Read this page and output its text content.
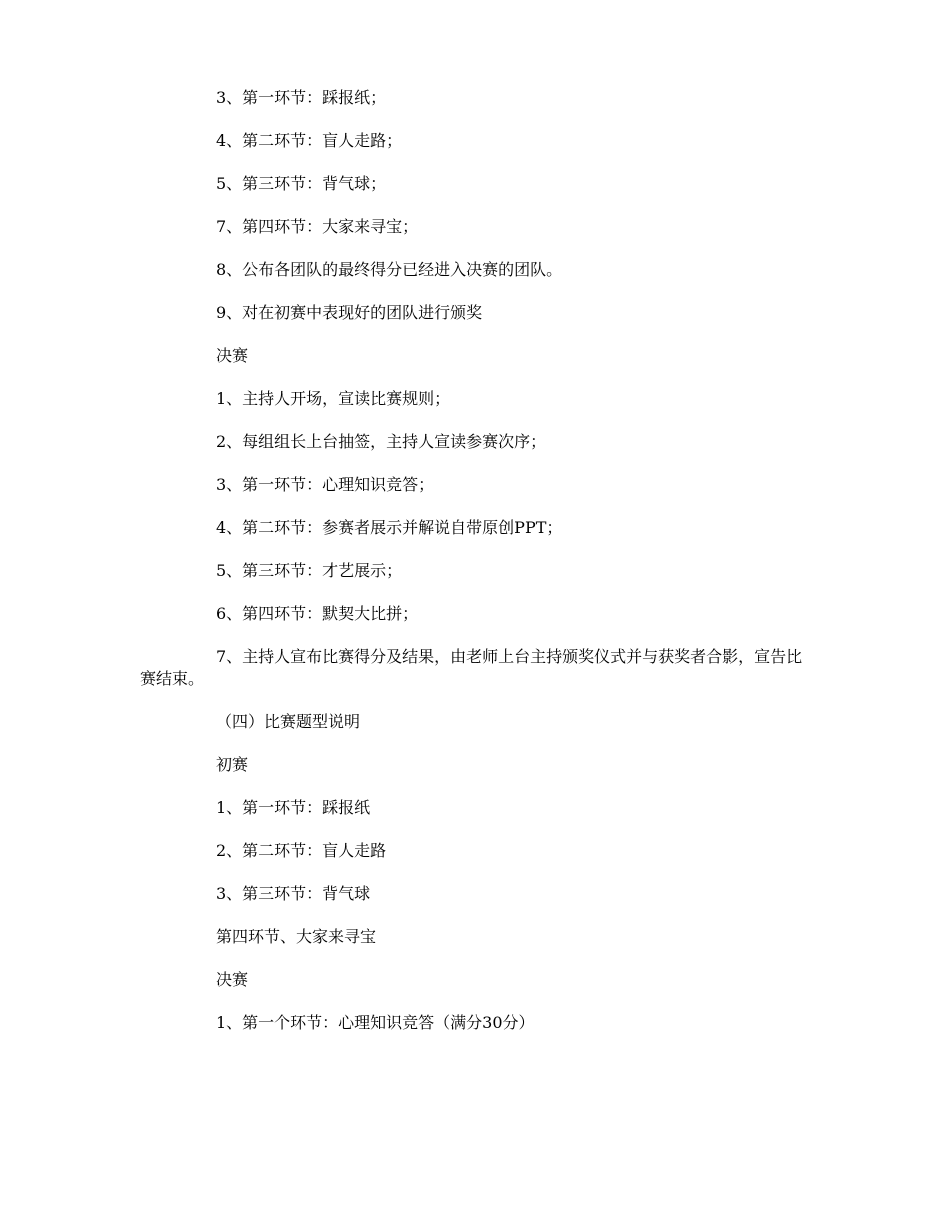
3、第一环节：踩报纸；

4、第二环节：盲人走路；

5、第三环节：背气球；

7、第四环节：大家来寻宝；

8、公布各团队的最终得分已经进入决赛的团队。

9、对在初赛中表现好的团队进行颁奖

决赛

1、主持人开场，宣读比赛规则；

2、每组组长上台抽签，主持人宣读参赛次序；

3、第一环节：心理知识竞答；

4、第二环节：参赛者展示并解说自带原创PPT；

5、第三环节：才艺展示；

6、第四环节：默契大比拼；

7、主持人宣布比赛得分及结果，由老师上台主持颁奖仪式并与获奖者合影，宣告比赛结束。

（四）比赛题型说明

初赛

1、第一环节：踩报纸

2、第二环节：盲人走路

3、第三环节：背气球

第四环节、大家来寻宝

决赛

1、第一个环节：心理知识竞答（满分30分）
